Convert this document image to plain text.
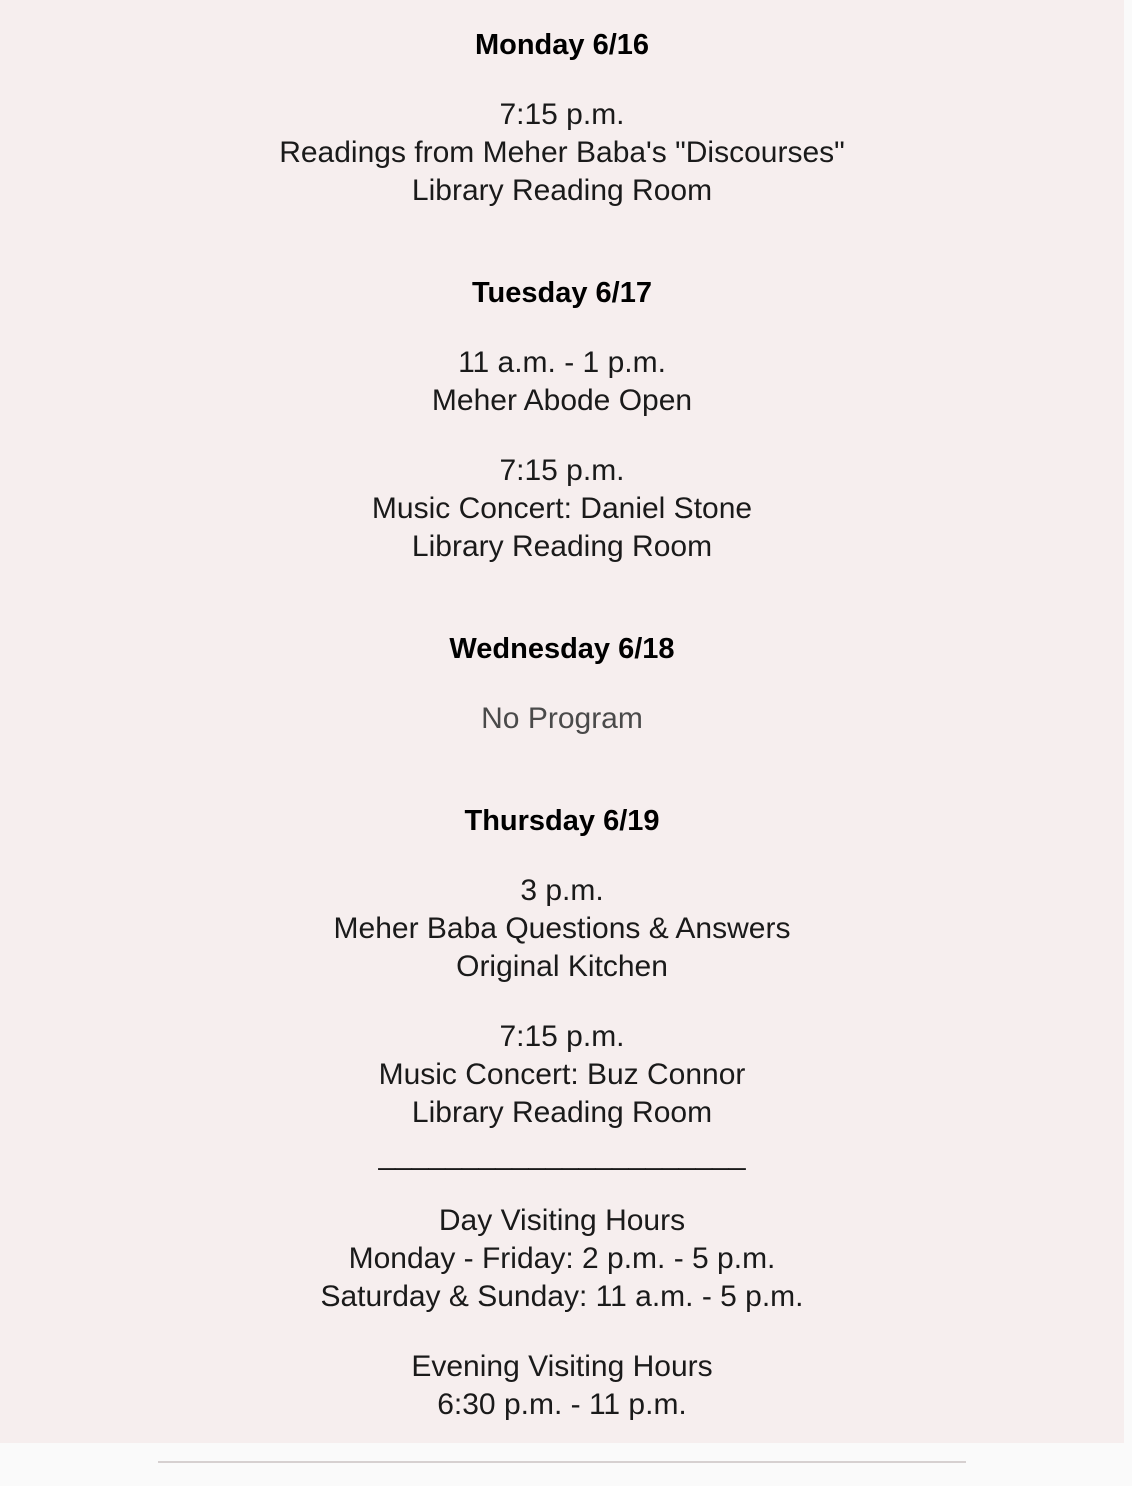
Monday 6/16
7:15 p.m.
Readings from Meher Baba's "Discourses"
Library Reading Room
Tuesday 6/17
11 a.m. - 1 p.m.
Meher Abode Open
7:15 p.m.
Music Concert: Daniel Stone
Library Reading Room
Wednesday 6/18
No Program
Thursday 6/19
3 p.m.
Meher Baba Questions & Answers
Original Kitchen
7:15 p.m.
Music Concert: Buz Connor
Library Reading Room
______________________
Day Visiting Hours
Monday - Friday: 2 p.m. - 5 p.m.
Saturday & Sunday: 11 a.m. - 5 p.m.
Evening Visiting Hours
6:30 p.m. - 11 p.m.
